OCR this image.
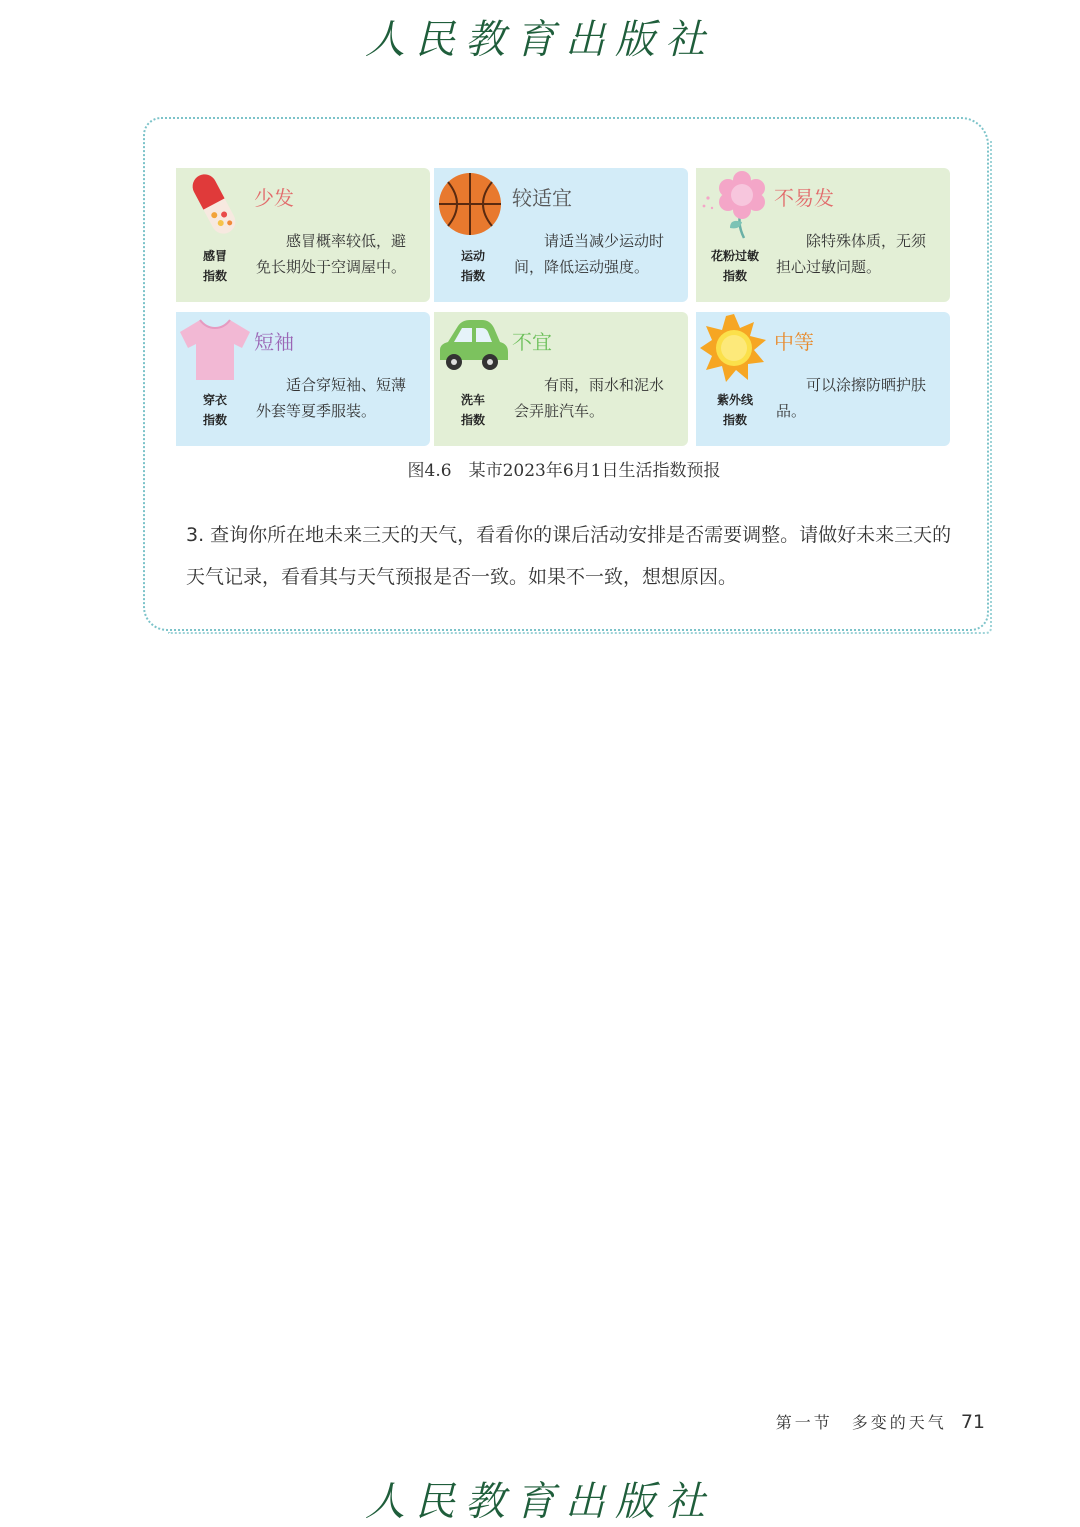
人民教育出版社
少发
感冒概率较低，避免长期处于空调屋中。
感冒
指数
较适宜
请适当减少运动时间，降低运动强度。
运动
指数
不易发
除特殊体质，无须担心过敏问题。
花粉过敏
指数
短袖
适合穿短袖、短薄外套等夏季服装。
穿衣
指数
不宜
有雨，雨水和泥水会弄脏汽车。
洗车
指数
中等
可以涂擦防晒护肤品。
紫外线
指数
图4.6　某市2023年6月1日生活指数预报
3. 查询你所在地未来三天的天气，看看你的课后活动安排是否需要调整。请做好未来三天的天气记录，看看其与天气预报是否一致。如果不一致，想想原因。
第一节　多变的天气 71
人民教育出版社
